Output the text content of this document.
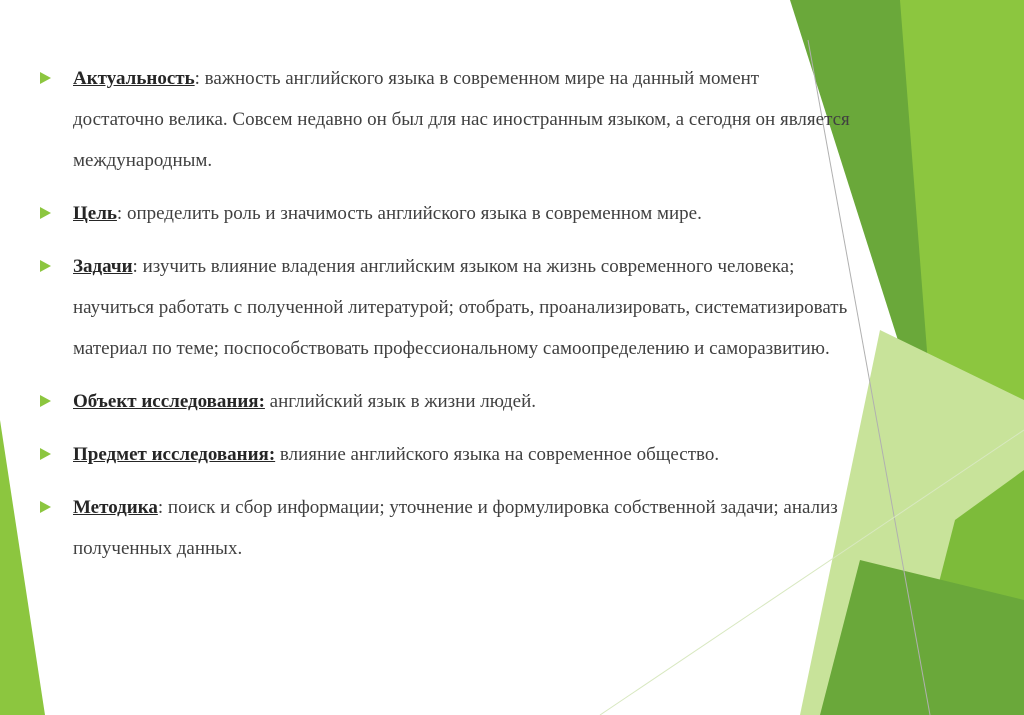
Актуальность: важность английского языка в современном мире на данный момент достаточно велика. Совсем недавно он был для нас иностранным языком, а сегодня он является международным.
Цель: определить роль и значимость английского языка в современном мире.
Задачи: изучить влияние владения английским языком на жизнь современного человека; научиться работать с полученной литературой; отобрать, проанализировать, систематизировать материал по теме; поспособствовать профессиональному самоопределению и саморазвитию.
Объект исследования: английский язык в жизни людей.
Предмет исследования: влияние английского языка на современное общество.
Методика: поиск и сбор информации; уточнение и формулировка собственной задачи; анализ полученных данных.
